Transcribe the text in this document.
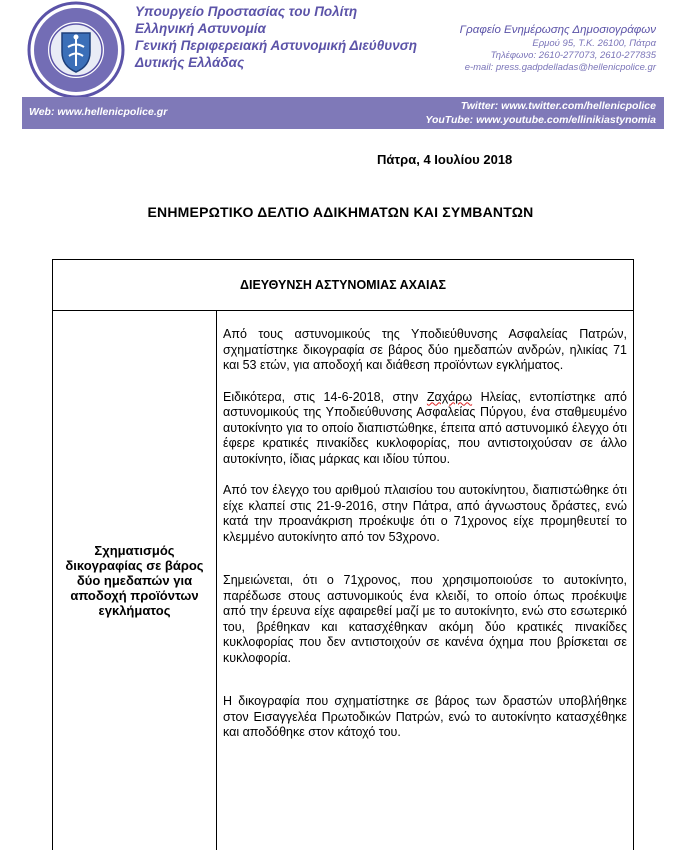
Υπουργείο Προστασίας του Πολίτη
Ελληνική Αστυνομία
Γενική Περιφερειακή Αστυνομική Διεύθυνση
Δυτικής Ελλάδας
Γραφείο Ενημέρωσης Δημοσιογράφων
Ερμού 95, Τ.Κ. 26100, Πάτρα
Τηλέφωνο: 2610-277073, 2610-277835
e-mail: press.gadpdelladas@hellenicpolice.gr
Web: www.hellenicpolice.gr	Twitter: www.twitter.com/hellenicpolice
YouTube: www.youtube.com/ellinikiastynomia
Πάτρα, 4 Ιουλίου 2018
ΕΝΗΜΕΡΩΤΙΚΟ ΔΕΛΤΙΟ ΑΔΙΚΗΜΑΤΩΝ ΚΑΙ ΣΥΜΒΑΝΤΩΝ
ΔΙΕΥΘΥΝΣΗ ΑΣΤΥΝΟΜΙΑΣ ΑΧΑΙΑΣ
Σχηματισμός δικογραφίας σε βάρος δύο ημεδαπών για αποδοχή προϊόντων εγκλήματος

Από τους αστυνομικούς της Υποδιεύθυνσης Ασφαλείας Πατρών, σχηματίστηκε δικογραφία σε βάρος δύο ημεδαπών ανδρών, ηλικίας 71 και 53 ετών, για αποδοχή και διάθεση προϊόντων εγκλήματος.

Ειδικότερα, στις 14-6-2018, στην Ζαχάρω Ηλείας, εντοπίστηκε από αστυνομικούς της Υποδιεύθυνσης Ασφαλείας Πύργου, ένα σταθμευμένο αυτοκίνητο για το οποίο διαπιστώθηκε, έπειτα από αστυνομικό έλεγχο ότι έφερε κρατικές πινακίδες κυκλοφορίας, που αντιστοιχούσαν σε άλλο αυτοκίνητο, ίδιας μάρκας και ιδίου τύπου.

Από τον έλεγχο του αριθμού πλαισίου του αυτοκίνητου, διαπιστώθηκε ότι είχε κλαπεί στις 21-9-2016, στην Πάτρα, από άγνωστους δράστες, ενώ κατά την προανάκριση προέκυψε ότι ο 71χρονος είχε προμηθευτεί το κλεμμένο αυτοκίνητο από τον 53χρονο.

Σημειώνεται, ότι ο 71χρονος, που χρησιμοποιούσε το αυτοκίνητο, παρέδωσε στους αστυνομικούς ένα κλειδί, το οποίο όπως προέκυψε από την έρευνα είχε αφαιρεθεί μαζί με το αυτοκίνητο, ενώ στο εσωτερικό του, βρέθηκαν και κατασχέθηκαν ακόμη δύο κρατικές πινακίδες κυκλοφορίας που δεν αντιστοιχούν σε κανένα όχημα που βρίσκεται σε κυκλοφορία.

Η δικογραφία που σχηματίστηκε σε βάρος των δραστών υποβλήθηκε στον Εισαγγελέα Πρωτοδικών Πατρών, ενώ το αυτοκίνητο κατασχέθηκε και αποδόθηκε στον κάτοχό του.
